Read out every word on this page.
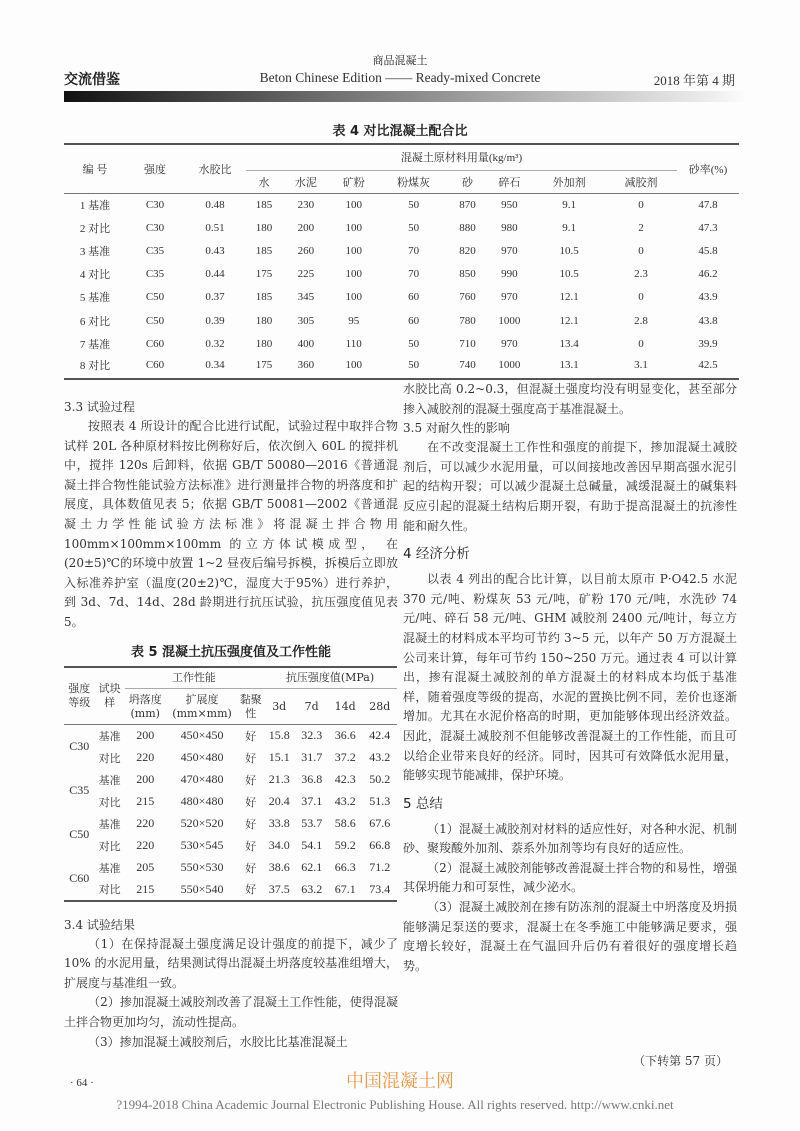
商品混凝土
交流借鉴	Beton Chinese Edition —— Ready-mixed Concrete	2018 年第 4 期
表 4 对比混凝土配合比
编 号	强度	水胶比	混凝土原材料用量(kg/m³)								砂率(%)
			水	水泥	矿粉	粉煤灰	砂	碎石	外加剂	减胶剂	
1 基准	C30	0.48	185	230	100	50	870	950	9.1	0	47.8
2 对比	C30	0.51	180	200	100	50	880	980	9.1	2	47.3
3 基准	C35	0.43	185	260	100	70	820	970	10.5	0	45.8
4 对比	C35	0.44	175	225	100	70	850	990	10.5	2.3	46.2
5 基准	C50	0.37	185	345	100	60	760	970	12.1	0	43.9
6 对比	C50	0.39	180	305	95	60	780	1000	12.1	2.8	43.8
7 基准	C60	0.32	180	400	110	50	710	970	13.4	0	39.9
8 对比	C60	0.34	175	360	100	50	740	1000	13.1	3.1	42.5
3.3 试验过程
按照表 4 所设计的配合比进行试配，试验过程中取拌合物试样 20L 各种原材料按比例称好后，依次倒入 60L 的搅拌机中，搅拌 120s 后卸料，依据 GB/T 50080—2016《普通混凝土拌合物性能试验方法标准》进行测量拌合物的坍落度和扩展度，具体数值见表 5；依据 GB/T 50081—2002《普通混凝土力学性能试验方法标准》将混凝土拌合物用 100mm×100mm×100mm 的立方体试模成型， 在(20±5)℃的环境中放置 1~2 昼夜后编号拆模，拆模后立即放入标准养护室（温度(20±2)℃，湿度大于95%）进行养护，到 3d、7d、14d、28d 龄期进行抗压试验，抗压强度值见表 5。
表 5 混凝土抗压强度值及工作性能
强度等级	试块样	工作性能			抗压强度值(MPa)			
		坍落度(mm)	扩展度(mm×mm)	黏聚性	3d	7d	14d	28d
C30	基准	200	450×450	好	15.8	32.3	36.6	42.4
	对比	220	450×480	好	15.1	31.7	37.2	43.2
C35	基准	200	470×480	好	21.3	36.8	42.3	50.2
	对比	215	480×480	好	20.4	37.1	43.2	51.3
C50	基准	220	520×520	好	33.8	53.7	58.6	67.6
	对比	220	530×545	好	34.0	54.1	59.2	66.8
C60	基准	205	550×530	好	38.6	62.1	66.3	71.2
	对比	215	550×540	好	37.5	63.2	67.1	73.4
3.4 试验结果
（1）在保持混凝土强度满足设计强度的前提下，减少了 10% 的水泥用量，结果测试得出混凝土坍落度较基准组增大，扩展度与基准组一致。
（2）掺加混凝土减胶剂改善了混凝土工作性能，使得混凝土拌合物更加均匀，流动性提高。
（3）掺加混凝土减胶剂后，水胶比比基准混凝土
水胶比高 0.2~0.3，但混凝土强度均没有明显变化，甚至部分掺入减胶剂的混凝土强度高于基准混凝土。
3.5 对耐久性的影响
在不改变混凝土工作性和强度的前提下，掺加混凝土减胶剂后，可以减少水泥用量，可以间接地改善因早期高强水泥引起的结构开裂；可以减少混凝土总碱量，减缓混凝土的碱集料反应引起的混凝土结构后期开裂，有助于提高混凝土的抗渗性能和耐久性。
4 经济分析
以表 4 列出的配合比计算，以目前太原市 P·O42.5 水泥 370 元/吨、粉煤灰 53 元/吨，矿粉 170 元/吨，水洗砂 74 元/吨、碎石 58 元/吨、GHM 减胶剂 2400 元/吨计，每立方混凝土的材料成本平均可节约 3~5 元，以年产 50 万方混凝土公司来计算，每年可节约 150~250 万元。通过表 4 可以计算出，掺有混凝土减胶剂的单方混凝土的材料成本均低于基准样，随着强度等级的提高，水泥的置换比例不同，差价也逐渐增加。尤其在水泥价格高的时期，更加能够体现出经济效益。因此，混凝土减胶剂不但能够改善混凝土的工作性能，而且可以给企业带来良好的经济。同时，因其可有效降低水泥用量，能够实现节能减排，保护环境。
5 总结
（1）混凝土减胶剂对材料的适应性好，对各种水泥、机制砂、聚羧酸外加剂、萘系外加剂等均有良好的适应性。
（2）混凝土减胶剂能够改善混凝土拌合物的和易性，增强其保坍能力和可泵性，减少泌水。
（3）混凝土减胶剂在掺有防冻剂的混凝土中坍落度及坍损能够满足泵送的要求，混凝土在冬季施工中能够满足要求，强度增长较好，混凝土在气温回升后仍有着很好的强度增长趋势。
（下转第 57 页）
· 64 ·	中国混凝土网
?1994-2018 China Academic Journal Electronic Publishing House. All rights reserved. http://www.cnki.net
